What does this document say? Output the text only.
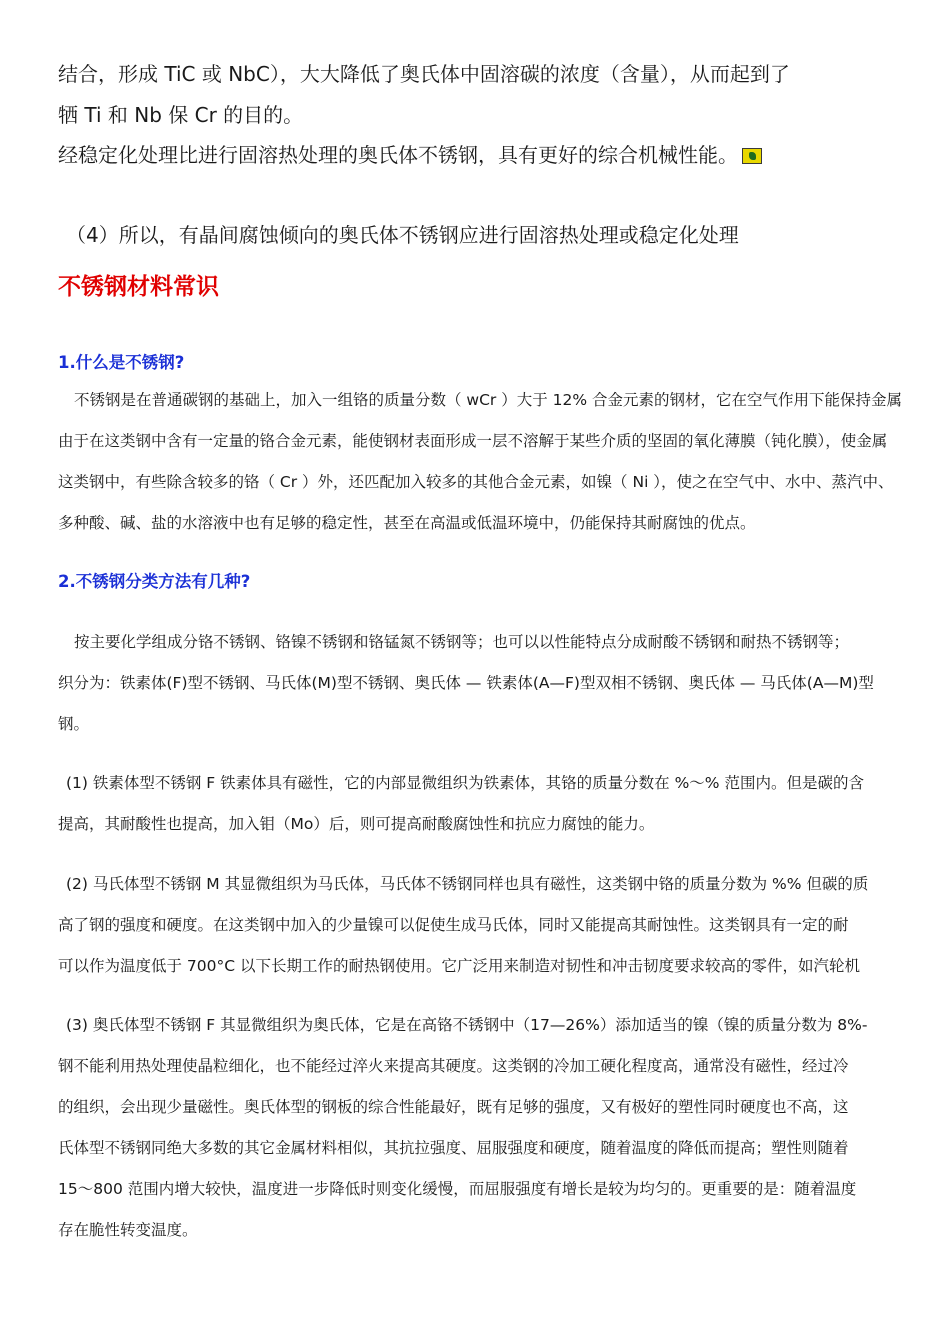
结合，形成 TiC 或 NbC），大大降低了奥氏体中固溶碳的浓度（含量），从而起到了
牺 Ti 和 Nb 保 Cr 的目的。
经稳定化处理比进行固溶热处理的奥氏体不锈钢，具有更好的综合机械性能。
（4）所以，有晶间腐蚀倾向的奥氏体不锈钢应进行固溶热处理或稳定化处理
不锈钢材料常识
1.什么是不锈钢?
不锈钢是在普通碳钢的基础上，加入一组铬的质量分数（ wCr ）大于 12% 合金元素的钢材，它在空气作用下能保持金属
由于在这类钢中含有一定量的铬合金元素，能使钢材表面形成一层不溶解于某些介质的坚固的氧化薄膜（钝化膜），使金属
这类钢中，有些除含较多的铬（ Cr ）外，还匹配加入较多的其他合金元素，如镍（ Ni ），使之在空气中、水中、蒸汽中、
多种酸、碱、盐的水溶液中也有足够的稳定性，甚至在高温或低温环境中，仍能保持其耐腐蚀的优点。
2.不锈钢分类方法有几种?
按主要化学组成分铬不锈钢、铬镍不锈钢和铬锰氮不锈钢等；也可以以性能特点分成耐酸不锈钢和耐热不锈钢等；
织分为：铁素体(F)型不锈钢、马氏体(M)型不锈钢、奥氏体 — 铁素体(A—F)型双相不锈钢、奥氏体 — 马氏体(A—M)型
钢。
(1) 铁素体型不锈钢 F 铁素体具有磁性，它的内部显微组织为铁素体，其铬的质量分数在 %～% 范围内。但是碳的含
提高，其耐酸性也提高，加入钼（Mo）后，则可提高耐酸腐蚀性和抗应力腐蚀的能力。
(2) 马氏体型不锈钢 M 其显微组织为马氏体，马氏体不锈钢同样也具有磁性，这类钢中铬的质量分数为 %% 但碳的质
高了钢的强度和硬度。在这类钢中加入的少量镍可以促使生成马氏体，同时又能提高其耐蚀性。这类钢具有一定的耐
可以作为温度低于 700°C 以下长期工作的耐热钢使用。它广泛用来制造对韧性和冲击韧度要求较高的零件，如汽轮机
(3) 奥氏体型不锈钢 F 其显微组织为奥氏体，它是在高铬不锈钢中（17—26%）添加适当的镍（镍的质量分数为 8%-
钢不能利用热处理使晶粒细化，也不能经过淬火来提高其硬度。这类钢的冷加工硬化程度高，通常没有磁性，经过冷
的组织，会出现少量磁性。奥氏体型的钢板的综合性能最好，既有足够的强度，又有极好的塑性同时硬度也不高，这
氏体型不锈钢同绝大多数的其它金属材料相似，其抗拉强度、屈服强度和硬度，随着温度的降低而提高；塑性则随着
15～800 范围内增大较快，温度进一步降低时则变化缓慢，而屈服强度有增长是较为均匀的。更重要的是：随着温度
存在脆性转变温度。
